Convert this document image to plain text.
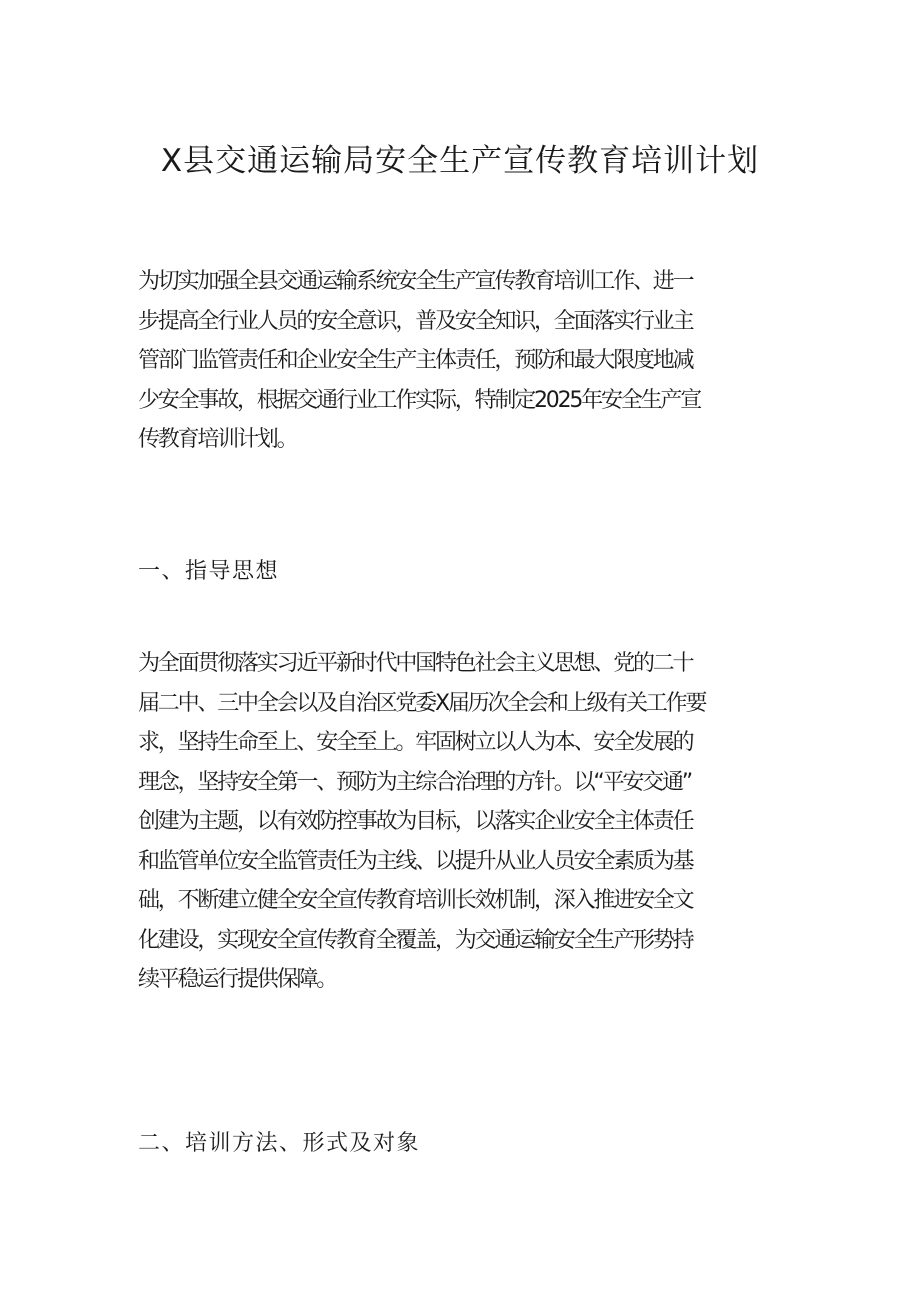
X县交通运输局安全生产宣传教育培训计划
为切实加强全县交通运输系统安全生产宣传教育培训工作、进一
步提高全行业人员的安全意识，普及安全知识，全面落实行业主
管部门监管责任和企业安全生产主体责任，预防和最大限度地减
少安全事故，根据交通行业工作实际，特制定2025年安全生产宣
传教育培训计划。
一、指导思想
为全面贯彻落实习近平新时代中国特色社会主义思想、党的二十
届二中、三中全会以及自治区党委X届历次全会和上级有关工作要
求，坚持生命至上、安全至上。牢固树立以人为本、安全发展的
理念，坚持安全第一、预防为主综合治理的方针。以“平安交通”
创建为主题，以有效防控事故为目标，以落实企业安全主体责任
和监管单位安全监管责任为主线、以提升从业人员安全素质为基
础，不断建立健全安全宣传教育培训长效机制，深入推进安全文
化建设，实现安全宣传教育全覆盖，为交通运输安全生产形势持
续平稳运行提供保障。
二、培训方法、形式及对象
